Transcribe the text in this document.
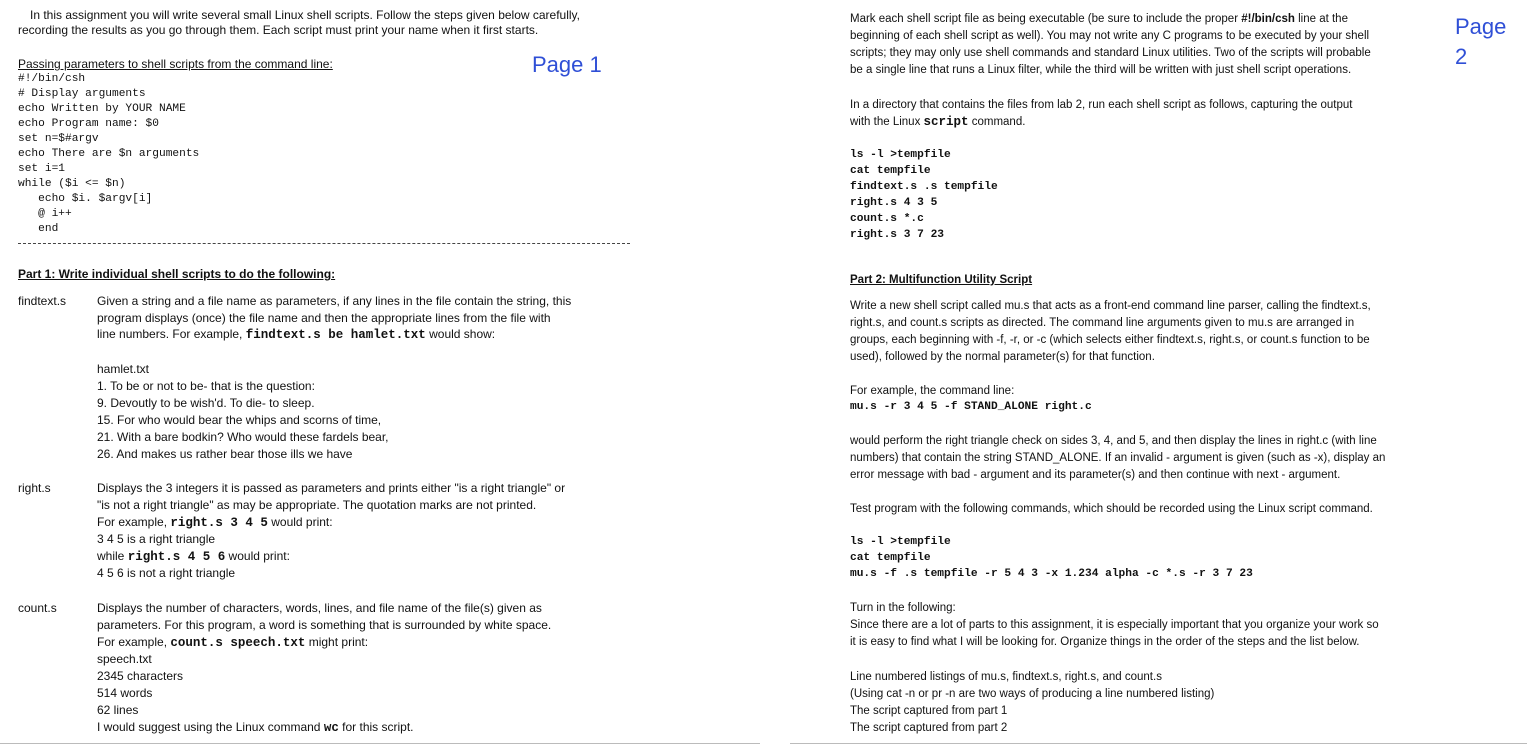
In this assignment you will write several small Linux shell scripts. Follow the steps given below carefully,
recording the results as you go through them. Each script must print your name when it first starts.
Page 1
Passing parameters to shell scripts from the command line:
#!/bin/csh
# Display arguments
echo Written by YOUR NAME
echo Program name: $0
set n=$#argv
echo There are $n arguments
set i=1
while ($i <= $n)
echo $i. $argv[i]
@ i++
end
Part 1: Write individual shell scripts to do the following:
findtext.s	Given a string and a file name as parameters, if any lines in the file contain the string, this
program displays (once) the file name and then the appropriate lines from the file with
line numbers. For example, findtext.s be hamlet.txt would show:
hamlet.txt
1. To be or not to be- that is the question:
9. Devoutly to be wish'd. To die- to sleep.
15. For who would bear the whips and scorns of time,
21. With a bare bodkin? Who would these fardels bear,
26. And makes us rather bear those ills we have
right.s	Displays the 3 integers it is passed as parameters and prints either "is a right triangle" or
"is not a right triangle" as may be appropriate. The quotation marks are not printed.
For example, right.s 3 4 5 would print:
3 4 5 is a right triangle
while right.s 4 5 6 would print:
4 5 6 is not a right triangle
count.s	Displays the number of characters, words, lines, and file name of the file(s) given as
parameters. For this program, a word is something that is surrounded by white space.
For example, count.s speech.txt might print:
speech.txt
2345 characters
514 words
62 lines
I would suggest using the Linux command wc for this script.
Mark each shell script file as being executable (be sure to include the proper #!/bin/csh line at the
beginning of each shell script as well). You may not write any C programs to be executed by your shell
scripts; they may only use shell commands and standard Linux utilities. Two of the scripts will probable
be a single line that runs a Linux filter, while the third will be written with just shell script operations.
Page
2
In a directory that contains the files from lab 2, run each shell script as follows, capturing the output
with the Linux script command.
ls -l >tempfile
cat tempfile
findtext.s .s tempfile
right.s 4 3 5
count.s *.c
right.s 3 7 23
Part 2: Multifunction Utility Script
Write a new shell script called mu.s that acts as a front-end command line parser, calling the findtext.s,
right.s, and count.s scripts as directed. The command line arguments given to mu.s are arranged in
groups, each beginning with -f, -r, or -c (which selects either findtext.s, right.s, or count.s function to be
used), followed by the normal parameter(s) for that function.
For example, the command line:
mu.s -r 3 4 5 -f STAND_ALONE right.c
would perform the right triangle check on sides 3, 4, and 5, and then display the lines in right.c (with line
numbers) that contain the string STAND_ALONE. If an invalid - argument is given (such as -x), display an
error message with bad - argument and its parameter(s) and then continue with next - argument.
Test program with the following commands, which should be recorded using the Linux script command.
ls -l >tempfile
cat tempfile
mu.s -f .s tempfile -r 5 4 3 -x 1.234 alpha -c *.s -r 3 7 23
Turn in the following:
Since there are a lot of parts to this assignment, it is especially important that you organize your work so
it is easy to find what I will be looking for. Organize things in the order of the steps and the list below.
Line numbered listings of mu.s, findtext.s, right.s, and count.s
(Using cat -n or pr -n are two ways of producing a line numbered listing)
The script captured from part 1
The script captured from part 2
